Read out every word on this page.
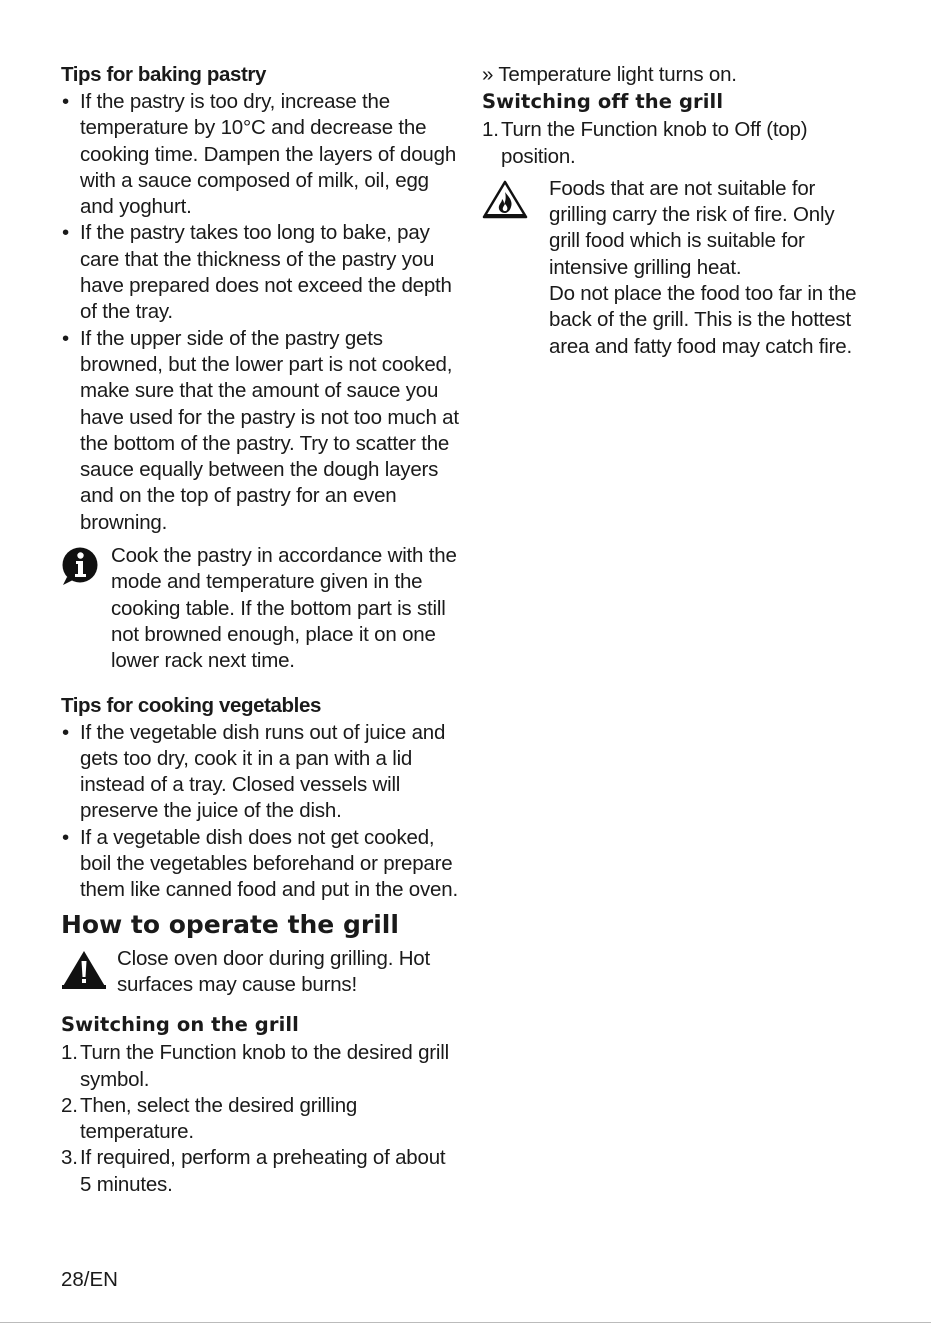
Tips for baking pastry
• If the pastry is too dry, increase the temperature by 10°C and decrease the cooking time. Dampen the layers of dough with a sauce composed of milk, oil, egg and yoghurt.
• If the pastry takes too long to bake, pay care that the thickness of the pastry you have prepared does not exceed the depth of the tray.
• If the upper side of the pastry gets browned, but the lower part is not cooked, make sure that the amount of sauce you have used for the pastry is not too much at the bottom of the pastry. Try to scatter the sauce equally between the dough layers and on the top of pastry for an even browning.
Cook the pastry in accordance with the mode and temperature given in the cooking table. If the bottom part is still not browned enough, place it on one lower rack next time.
Tips for cooking vegetables
• If the vegetable dish runs out of juice and gets too dry, cook it in a pan with a lid instead of a tray. Closed vessels will preserve the juice of the dish.
• If a vegetable dish does not get cooked, boil the vegetables beforehand or prepare them like canned food and put in the oven.
How to operate the grill
Close oven door during grilling. Hot surfaces may cause burns!
Switching on the grill
1. Turn the Function knob to the desired grill symbol.
2. Then, select the desired grilling temperature.
3. If required, perform a preheating of about 5 minutes.
» Temperature light turns on.
Switching off the grill
1. Turn the Function knob to Off (top) position.
Foods that are not suitable for grilling carry the risk of fire. Only grill food which is suitable for intensive grilling heat.
Do not place the food too far in the back of the grill. This is the hottest area and fatty food may catch fire.
28/EN
